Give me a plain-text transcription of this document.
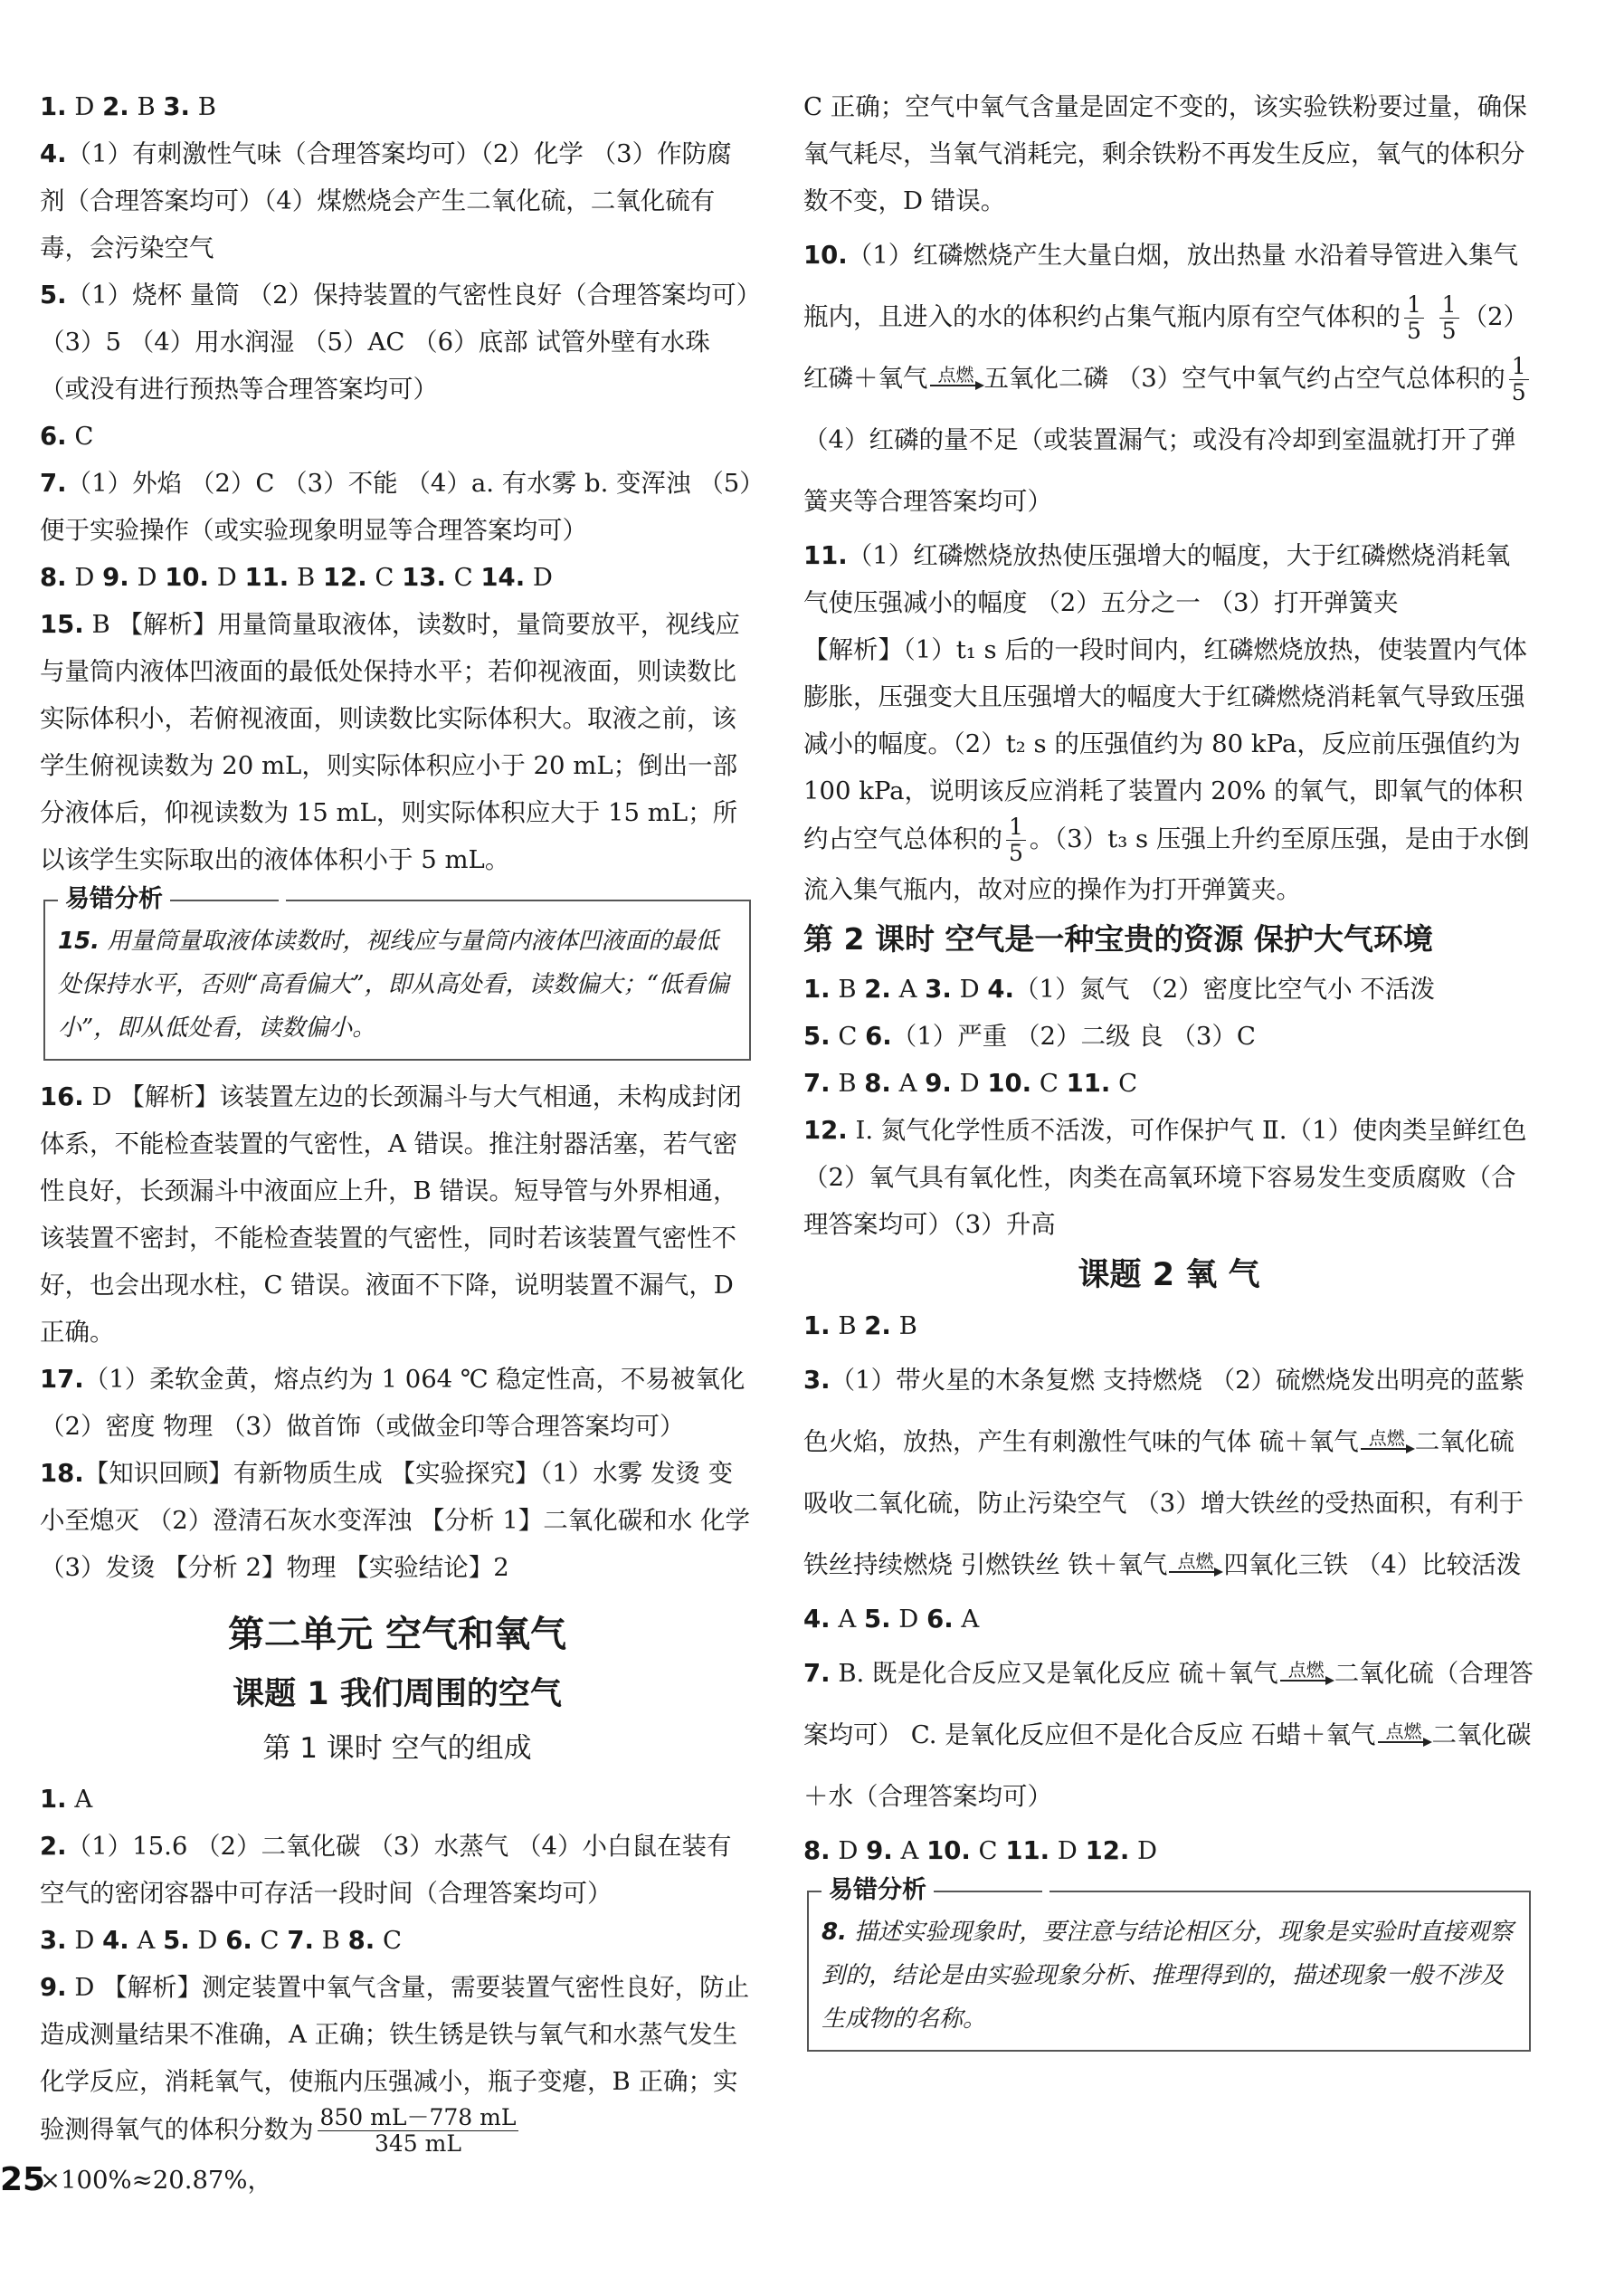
1. D 2. B 3. B

4.（1）有刺激性气味（合理答案均可）（2）化学 （3）作防腐剂（合理答案均可）（4）煤燃烧会产生二氧化硫，二氧化硫有毒，会污染空气

5.（1）烧杯 量筒 （2）保持装置的气密性良好（合理答案均可）（3）5 （4）用水润湿 （5）AC （6）底部 试管外壁有水珠（或没有进行预热等合理答案均可）

6. C

7.（1）外焰 （2）C （3）不能 （4）a. 有水雾 b. 变浑浊 （5）便于实验操作（或实验现象明显等合理答案均可）

8. D 9. D 10. D 11. B 12. C 13. C 14. D

15. B 【解析】用量筒量取液体，读数时，量筒要放平，视线应与量筒内液体凹液面的最低处保持水平；若仰视液面，则读数比实际体积小，若俯视液面，则读数比实际体积大。取液之前，该学生俯视读数为 20 mL，则实际体积应小于 20 mL；倒出一部分液体后，仰视读数为 15 mL，则实际体积应大于 15 mL；所以该学生实际取出的液体体积小于 5 mL。

易错分析

15. 用量筒量取液体读数时，视线应与量筒内液体凹液面的最低处保持水平，否则“高看偏大”，即从高处看，读数偏大；“低看偏小”，即从低处看，读数偏小。

16. D 【解析】该装置左边的长颈漏斗与大气相通，未构成封闭体系，不能检查装置的气密性，A 错误。推注射器活塞，若气密性良好，长颈漏斗中液面应上升，B 错误。短导管与外界相通，该装置不密封，不能检查装置的气密性，同时若该装置气密性不好，也会出现水柱，C 错误。液面不下降，说明装置不漏气，D 正确。

17.（1）柔软金黄，熔点约为 1 064 ℃ 稳定性高，不易被氧化 （2）密度 物理 （3）做首饰（或做金印等合理答案均可）

18.【知识回顾】有新物质生成 【实验探究】（1）水雾 发烫 变小至熄灭 （2）澄清石灰水变浑浊 【分析 1】二氧化碳和水 化学 （3）发烫 【分析 2】物理 【实验结论】2

第二单元 空气和氧气

课题 1 我们周围的空气

第 1 课时 空气的组成

1. A

2.（1）15.6 （2）二氧化碳 （3）水蒸气 （4）小白鼠在装有空气的密闭容器中可存活一段时间（合理答案均可）

3. D 4. A 5. D 6. C 7. B 8. C

9. D 【解析】测定装置中氧气含量，需要装置气密性良好，防止造成测量结果不准确，A 正确；铁生锈是铁与氧气和水蒸气发生化学反应，消耗氧气，使瓶内压强减小，瓶子变瘪，B 正确；实验测得氧气的体积分数为 $\frac{850 mL-778 mL}{345 mL}$
×100%≈20.87%，

C 正确；空气中氧气含量是固定不变的，该实验铁粉要过量，确保氧气耗尽，当氧气消耗完，剩余铁粉不再发生反应，氧气的体积分数不变，D 错误。

10.（1）红磷燃烧产生大量白烟，放出热量 水沿着导管进入集气瓶内，且进入的水的体积约占集气瓶内原有空气体积的 $\frac{1}{5}$
$\frac{1}{5} (2)$红磷＋氧气 点燃 五氧化二磷 （3）空气中氧气约占空气总体积的 $\frac{1}{5}$
（4）红磷的量不足（或装置漏气；或没有冷却到室温就打开了弹簧夹等合理答案均可）

11.（1）红磷燃烧放热使压强增大的幅度，大于红磷燃烧消耗氧气使压强减小的幅度 （2）五分之一 （3）打开弹簧夹

【解析】（1）t₁ s 后的一段时间内，红磷燃烧放热，使装置内气体膨胀，压强变大且压强增大的幅度大于红磷燃烧消耗氧气导致压强减小的幅度。（2）t₂ s 的压强值约为 80 kPa，反应前压强值约为 100 kPa，说明该反应消耗了装置内 20% 的氧气，即氧气的体积约占空气总体积的 $\frac{1}{5}$ 。（3）t₃ s 压强上升约至原压强，是由于水倒流入集气瓶内，故对应的操作为打开弹簧夹。

第 2 课时 空气是一种宝贵的资源 保护大气环境

1. B 2. A 3. D 4.（1）氮气 （2）密度比空气小 不活泼

5. C 6.（1）严重 （2）二级 良 （3）C

7. B 8. A 9. D 10. C 11. C

12. Ⅰ. 氮气化学性质不活泼，可作保护气 Ⅱ.（1）使肉类呈鲜红色 （2）氧气具有氧化性，肉类在高氧环境下容易发生变质腐败（合理答案均可）（3）升高

课题 2 氧 气

1. B 2. B

3.（1）带火星的木条复燃 支持燃烧 （2）硫燃烧发出明亮的蓝紫色火焰，放热，产生有刺激性气味的气体 硫＋氧气 点燃 二氧化硫 吸收二氧化硫，防止污染空气 （3）增大铁丝的受热面积，有利于铁丝持续燃烧 引燃铁丝 铁＋氧气 点燃 四氧化三铁 （4）比较活泼

4. A 5. D 6. A

7. B. 既是化合反应又是氧化反应 硫＋氧气 点燃 二氧化硫（合理答案均可） C. 是氧化反应但不是化合反应 石蜡＋氧气 点燃 二氧化碳＋水（合理答案均可）

8. D 9. A 10. C 11. D 12. D

易错分析

8. 描述实验现象时，要注意与结论相区分，现象是实验时直接观察到的，结论是由实验现象分析、推理得到的，描述现象一般不涉及生成物的名称。

25
